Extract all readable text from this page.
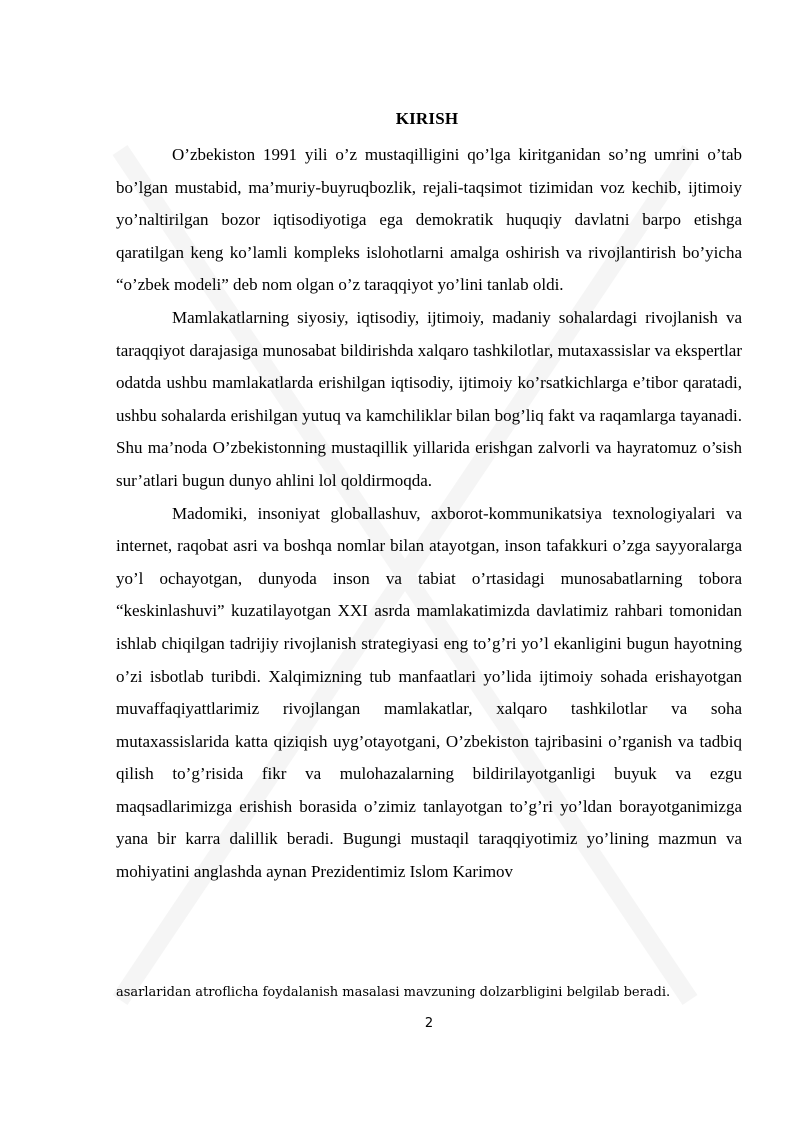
KIRISH

O’zbekiston 1991 yili o’z mustaqilligini qo’lga kiritganidan so’ng umrini o’tab bo’lgan mustabid, ma’muriy-buyruqbozlik, rejali-taqsimot tizimidan voz kechib, ijtimoiy yo’naltirilgan bozor iqtisodiyotiga ega demokratik huquqiy davlatni barpo etishga qaratilgan keng ko’lamli kompleks islohotlarni amalga oshirish va rivojlantirish bo’yicha “o’zbek modeli” deb nom olgan o’z taraqqiyot yo’lini tanlab oldi.

Mamlakatlarning siyosiy, iqtisodiy, ijtimoiy, madaniy sohalardagi rivojlanish va taraqqiyot darajasiga munosabat bildirishda xalqaro tashkilotlar, mutaxassislar va ekspertlar odatda ushbu mamlakatlarda erishilgan iqtisodiy, ijtimoiy ko’rsatkichlarga e’tibor qaratadi, ushbu sohalarda erishilgan yutuq va kamchiliklar bilan bog’liq fakt va raqamlarga tayanadi. Shu ma’noda O’zbekistonning mustaqillik yillarida erishgan zalvorli va hayratomuz o’sish sur’atlari bugun dunyo ahlini lol qoldirmoqda.

Madomiki, insoniyat globallashuv, axborot-kommunikatsiya texnologiyalari va internet, raqobat asri va boshqa nomlar bilan atayotgan, inson tafakkuri o’zga sayyoralarga yo’l ochayotgan, dunyoda inson va tabiat o’rtasidagi munosabatlarning tobora “keskinlashuvi” kuzatilayotgan XXI asrda mamlakatimizda davlatimiz rahbari tomonidan ishlab chiqilgan tadrijiy rivojlanish strategiyasi eng to’g’ri yo’l ekanligini bugun hayotning o’zi isbotlab turibdi. Xalqimizning tub manfaatlari yo’lida ijtimoiy sohada erishayotgan muvaffaqiyattlarimiz rivojlangan mamlakatlar, xalqaro tashkilotlar va soha mutaxassislarida katta qiziqish uyg’otayotgani, O’zbekiston tajribasini o’rganish va tadbiq qilish to’g’risida fikr va mulohazalarning bildirilayotganligi buyuk va ezgu maqsadlarimizga erishish borasida o’zimiz tanlayotgan to’g’ri yo’ldan borayotganimizga yana bir karra dalillik beradi. Bugungi mustaqil taraqqiyotimiz yo’lining mazmun va mohiyatini anglashda aynan Prezidentimiz Islom Karimov

asarlaridan atroflicha foydalanish masalasi mavzuning dolzarbligini belgilab beradi.
2
